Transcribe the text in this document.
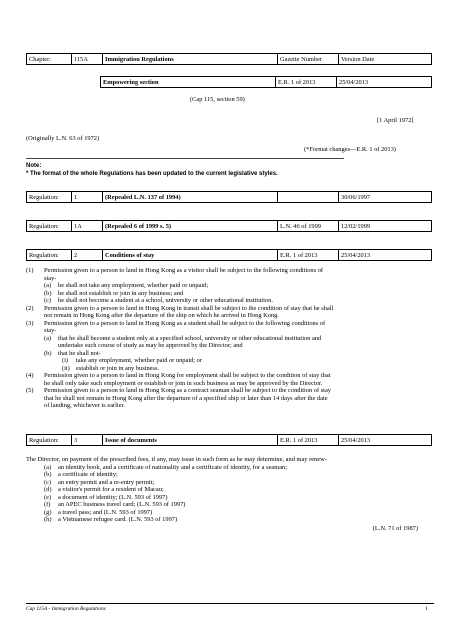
Chapter:	115A	Immigration Regulations	Gazette Number	Version Date
		Empowering section	E.R. 1 of 2013	25/04/2013
(Cap 115, section 59)
[1 April 1972]
(Originally L.N. 63 of 1972)
(*Format changes—E.R. 1 of 2013)
Note:
* The format of the whole Regulations has been updated to the current legislative styles.
Regulation:	1	(Repealed L.N. 137 of 1994)		30/06/1997
Regulation:	1A	(Repealed 6 of 1999 s. 5)	L.N. 46 of 1999	12/02/1999
Regulation:	2	Conditions of stay	E.R. 1 of 2013	25/04/2013
(1)	Permission given to a person to land in Hong Kong as a visitor shall be subject to the following conditions of
stay-
(a)	he shall not take any employment, whether paid or unpaid;
(b)	he shall not establish or join in any business; and
(c)	he shall not become a student at a school, university or other educational institution.
(2)	Permission given to a person to land in Hong Kong in transit shall be subject to the condition of stay that he shall
not remain in Hong Kong after the departure of the ship on which he arrived in Hong Kong.
(3)	Permission given to a person to land in Hong Kong as a student shall be subject to the following conditions of
stay-
(a)	that he shall become a student only at a specified school, university or other educational institution and
undertake such course of study as may be approved by the Director; and
(b)	that he shall not-
(i)	take any employment, whether paid or unpaid; or
(ii) establish or join in any business.
(4)	Permission given to a person to land in Hong Kong for employment shall be subject to the condition of stay that
he shall only take such employment or establish or join in such business as may be approved by the Director.
(5)	Permission given to a person to land in Hong Kong as a contract seaman shall be subject to the condition of stay
that he shall not remain in Hong Kong after the departure of a specified ship or later than 14 days after the date
of landing, whichever is earlier.
Regulation:	3	Issue of documents	E.R. 1 of 2013	25/04/2013
The Director, on payment of the prescribed fees, if any, may issue in such form as he may determine, and may renew-
(a)	an identity book, and a certificate of nationality and a certificate of identity, for a seaman;
(b)	a certificate of identity;
(c)	an entry permit and a re-entry permit;
(d)	a visitor's permit for a resident of Macau;
(e)	a document of identity; (L.N. 593 of 1997)
(f)	an APEC business travel card; (L.N. 593 of 1997)
(g)	a travel pass; and (L.N. 593 of 1997)
(h)	a Vietnamese refugee card. (L.N. 593 of 1997)
(L.N. 71 of 1987)
Cap 115A - Immigration Regulations	1
